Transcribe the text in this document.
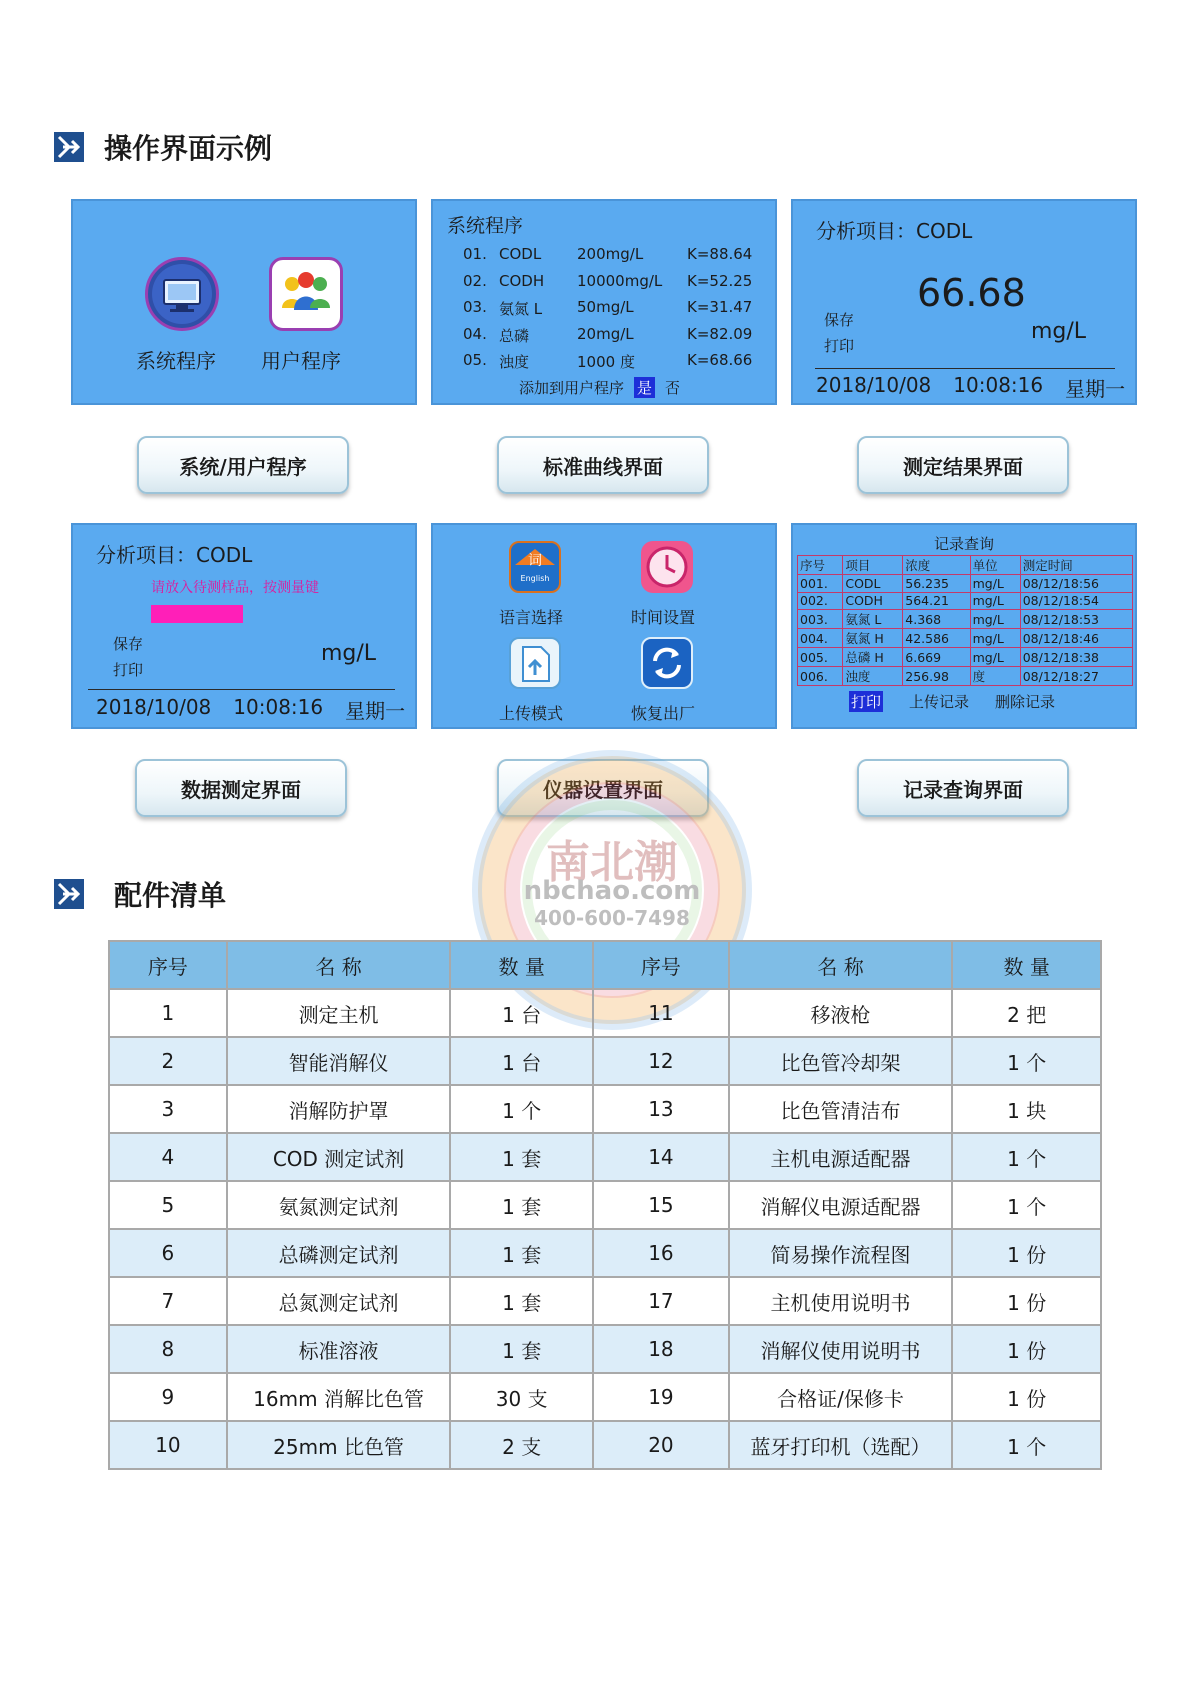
操作界面示例
系统程序 用户程序
系统程序
01. CODL	200mg/L	K=88.64
02. CODH	10000mg/L	K=52.25
03. 氨氮 L	50mg/L	K=31.47
04. 总磷	20mg/L	K=82.09
05. 浊度	1000 度	K=68.66
添加到用户程序 是 否
分析项目：CODL
66.68
保存
打印
mg/L
2018/10/08 10:08:16 星期一
系统/用户程序	标准曲线界面	测定结果界面
分析项目：CODL
请放入待测样品，按测量键
保存
打印
mg/L
2018/10/08 10:08:16 星期一
词
English
语言选择	时间设置
上传模式	恢复出厂
记录查询
序号	项目	浓度	单位	测定时间
001.	CODL	56.235	mg/L	08/12/18:56
002.	CODH	564.21	mg/L	08/12/18:54
003.	氨氮 L	4.368	mg/L	08/12/18:53
004.	氨氮 H	42.586	mg/L	08/12/18:46
005.	总磷 H	6.669	mg/L	08/12/18:38
006.	浊度	256.98	度	08/12/18:27
打印 上传记录 删除记录
数据测定界面	仪器设置界面	记录查询界面
南北潮
nbchao.com
400-600-7498
配件清单
序号	名 称	数 量	序号	名 称	数 量
1	测定主机	1 台	11	移液枪	2 把
2	智能消解仪	1 台	12	比色管冷却架	1 个
3	消解防护罩	1 个	13	比色管清洁布	1 块
4	COD 测定试剂	1 套	14	主机电源适配器	1 个
5	氨氮测定试剂	1 套	15	消解仪电源适配器	1 个
6	总磷测定试剂	1 套	16	简易操作流程图	1 份
7	总氮测定试剂	1 套	17	主机使用说明书	1 份
8	标准溶液	1 套	18	消解仪使用说明书	1 份
9	16mm 消解比色管	30 支	19	合格证/保修卡	1 份
10	25mm 比色管	2 支	20	蓝牙打印机（选配）	1 个
